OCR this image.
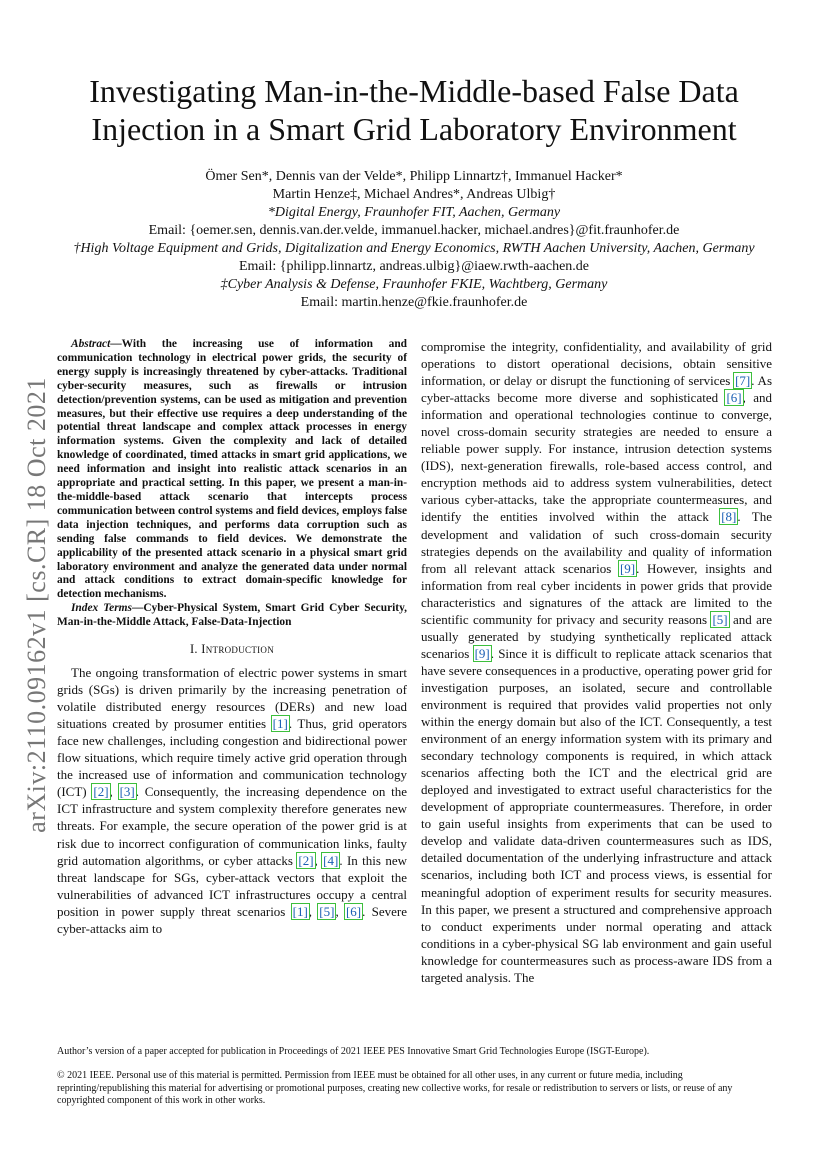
arXiv:2110.09162v1 [cs.CR] 18 Oct 2021
Investigating Man-in-the-Middle-based False Data
Injection in a Smart Grid Laboratory Environment
Ömer Sen*, Dennis van der Velde*, Philipp Linnartz†, Immanuel Hacker*
Martin Henze‡, Michael Andres*, Andreas Ulbig†
*Digital Energy, Fraunhofer FIT, Aachen, Germany
Email: {oemer.sen, dennis.van.der.velde, immanuel.hacker, michael.andres}@fit.fraunhofer.de
†High Voltage Equipment and Grids, Digitalization and Energy Economics, RWTH Aachen University, Aachen, Germany
Email: {philipp.linnartz, andreas.ulbig}@iaew.rwth-aachen.de
‡Cyber Analysis & Defense, Fraunhofer FKIE, Wachtberg, Germany
Email: martin.henze@fkie.fraunhofer.de

Abstract—With the increasing use of information and communication technology in electrical power grids, the security of energy supply is increasingly threatened by cyber-attacks. Traditional cyber-security measures, such as firewalls or intrusion detection/prevention systems, can be used as mitigation and prevention measures, but their effective use requires a deep understanding of the potential threat landscape and complex attack processes in energy information systems. Given the complexity and lack of detailed knowledge of coordinated, timed attacks in smart grid applications, we need information and insight into realistic attack scenarios in an appropriate and practical setting. In this paper, we present a man-in-the-middle-based attack scenario that intercepts process communication between control systems and field devices, employs false data injection techniques, and performs data corruption such as sending false commands to field devices. We demonstrate the applicability of the presented attack scenario in a physical smart grid laboratory environment and analyze the generated data under normal and attack conditions to extract domain-specific knowledge for detection mechanisms.

Index Terms—Cyber-Physical System, Smart Grid Cyber Security, Man-in-the-Middle Attack, False-Data-Injection

I. Introduction

The ongoing transformation of electric power systems in smart grids (SGs) is driven primarily by the increasing penetration of volatile distributed energy resources (DERs) and new load situations created by prosumer entities [1]. Thus, grid operators face new challenges, including congestion and bidirectional power flow situations, which require timely active grid operation through the increased use of information and communication technology (ICT) [2], [3]. Consequently, the increasing dependence on the ICT infrastructure and system complexity therefore generates new threats. For example, the secure operation of the power grid is at risk due to incorrect configuration of communication links, faulty grid automation algorithms, or cyber attacks [2], [4]. In this new threat landscape for SGs, cyber-attack vectors that exploit the vulnerabilities of advanced ICT infrastructures occupy a central position in power supply threat scenarios [1], [5], [6]. Severe cyber-attacks aim to

compromise the integrity, confidentiality, and availability of grid operations to distort operational decisions, obtain sensitive information, or delay or disrupt the functioning of services [7]. As cyber-attacks become more diverse and sophisticated [6], and information and operational technologies continue to converge, novel cross-domain security strategies are needed to ensure a reliable power supply. For instance, intrusion detection systems (IDS), next-generation firewalls, role-based access control, and encryption methods aid to address system vulnerabilities, detect various cyber-attacks, take the appropriate countermeasures, and identify the entities involved within the attack [8]. The development and validation of such cross-domain security strategies depends on the availability and quality of information from all relevant attack scenarios [9]. However, insights and information from real cyber incidents in power grids that provide characteristics and signatures of the attack are limited to the scientific community for privacy and security reasons [5] and are usually generated by studying synthetically replicated attack scenarios [9]. Since it is difficult to replicate attack scenarios that have severe consequences in a productive, operating power grid for investigation purposes, an isolated, secure and controllable environment is required that provides valid properties not only within the energy domain but also of the ICT. Consequently, a test environment of an energy information system with its primary and secondary technology components is required, in which attack scenarios affecting both the ICT and the electrical grid are deployed and investigated to extract useful characteristics for the development of appropriate countermeasures. Therefore, in order to gain useful insights from experiments that can be used to develop and validate data-driven countermeasures such as IDS, detailed documentation of the underlying infrastructure and attack scenarios, including both ICT and process views, is essential for meaningful adoption of experiment results for security measures. In this paper, we present a structured and comprehensive approach to conduct experiments under normal operating and attack conditions in a cyber-physical SG lab environment and gain useful knowledge for countermeasures such as process-aware IDS from a targeted analysis. The

Author’s version of a paper accepted for publication in Proceedings of 2021 IEEE PES Innovative Smart Grid Technologies Europe (ISGT-Europe).
© 2021 IEEE. Personal use of this material is permitted. Permission from IEEE must be obtained for all other uses, in any current or future media, including reprinting/republishing this material for advertising or promotional purposes, creating new collective works, for resale or redistribution to servers or lists, or reuse of any copyrighted component of this work in other works.
